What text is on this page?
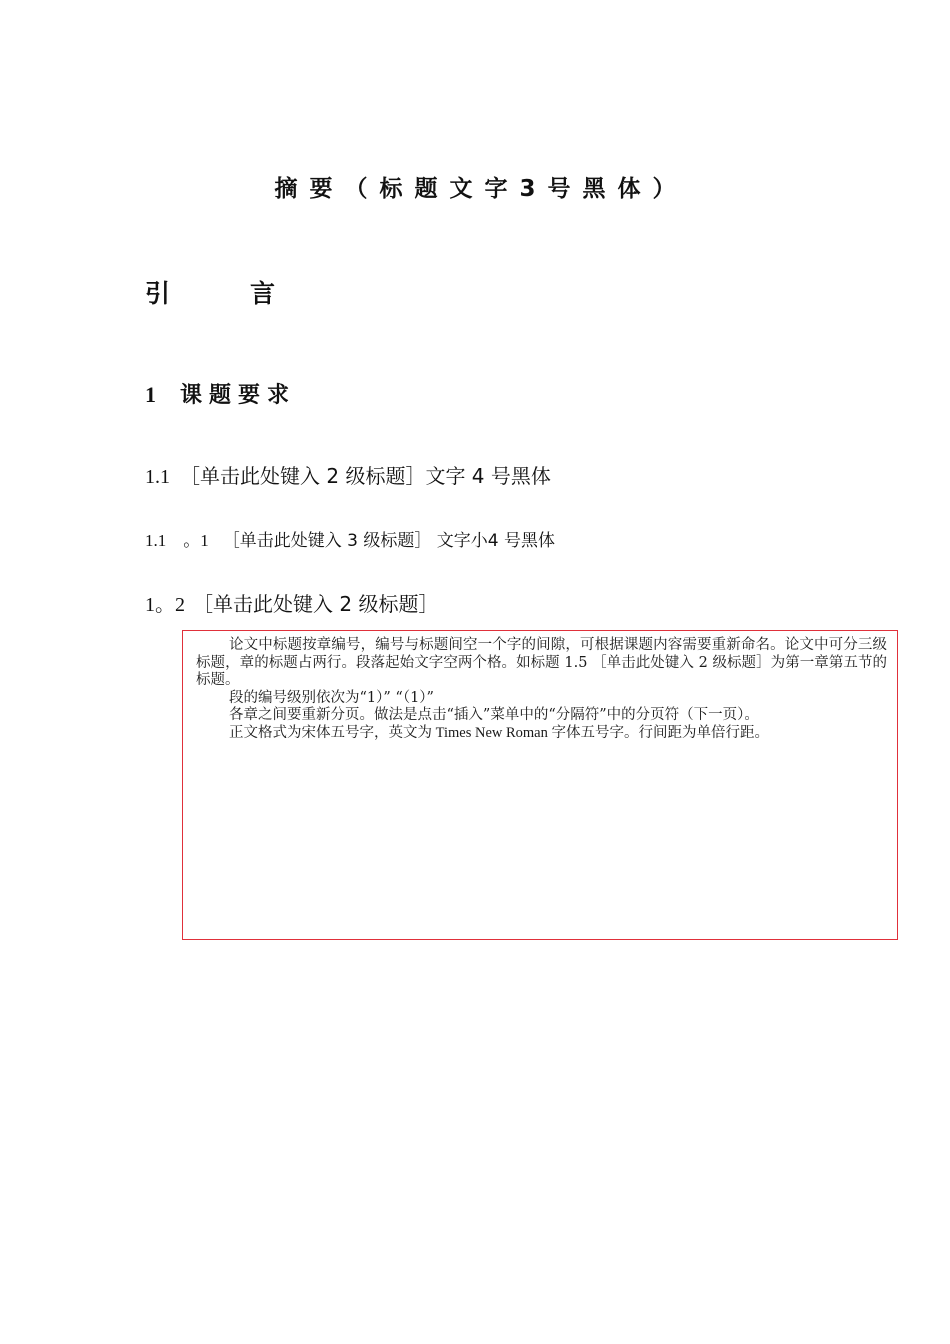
摘要（标题文字3号黑体）
引	言
1 课题要求
1.1 ［单击此处键入 2 级标题］文字 4 号黑体
1.1　。1 ［单击此处键入 3 级标题］ 文字小4 号黑体
1。2 ［单击此处键入 2 级标题］

论文中标题按章编号，编号与标题间空一个字的间隙，可根据课题内容需要重新命名。论文中可分三级标题，章的标题占两行。段落起始文字空两个格。如标题 1.5 ［单击此处键入 2 级标题］为第一章第五节的标题。

段的编号级别依次为“1）” “（1）”

各章之间要重新分页。做法是点击“插入”菜单中的“分隔符”中的分页符（下一页）。

正文格式为宋体五号字，英文为 Times New Roman 字体五号字。行间距为单倍行距。
